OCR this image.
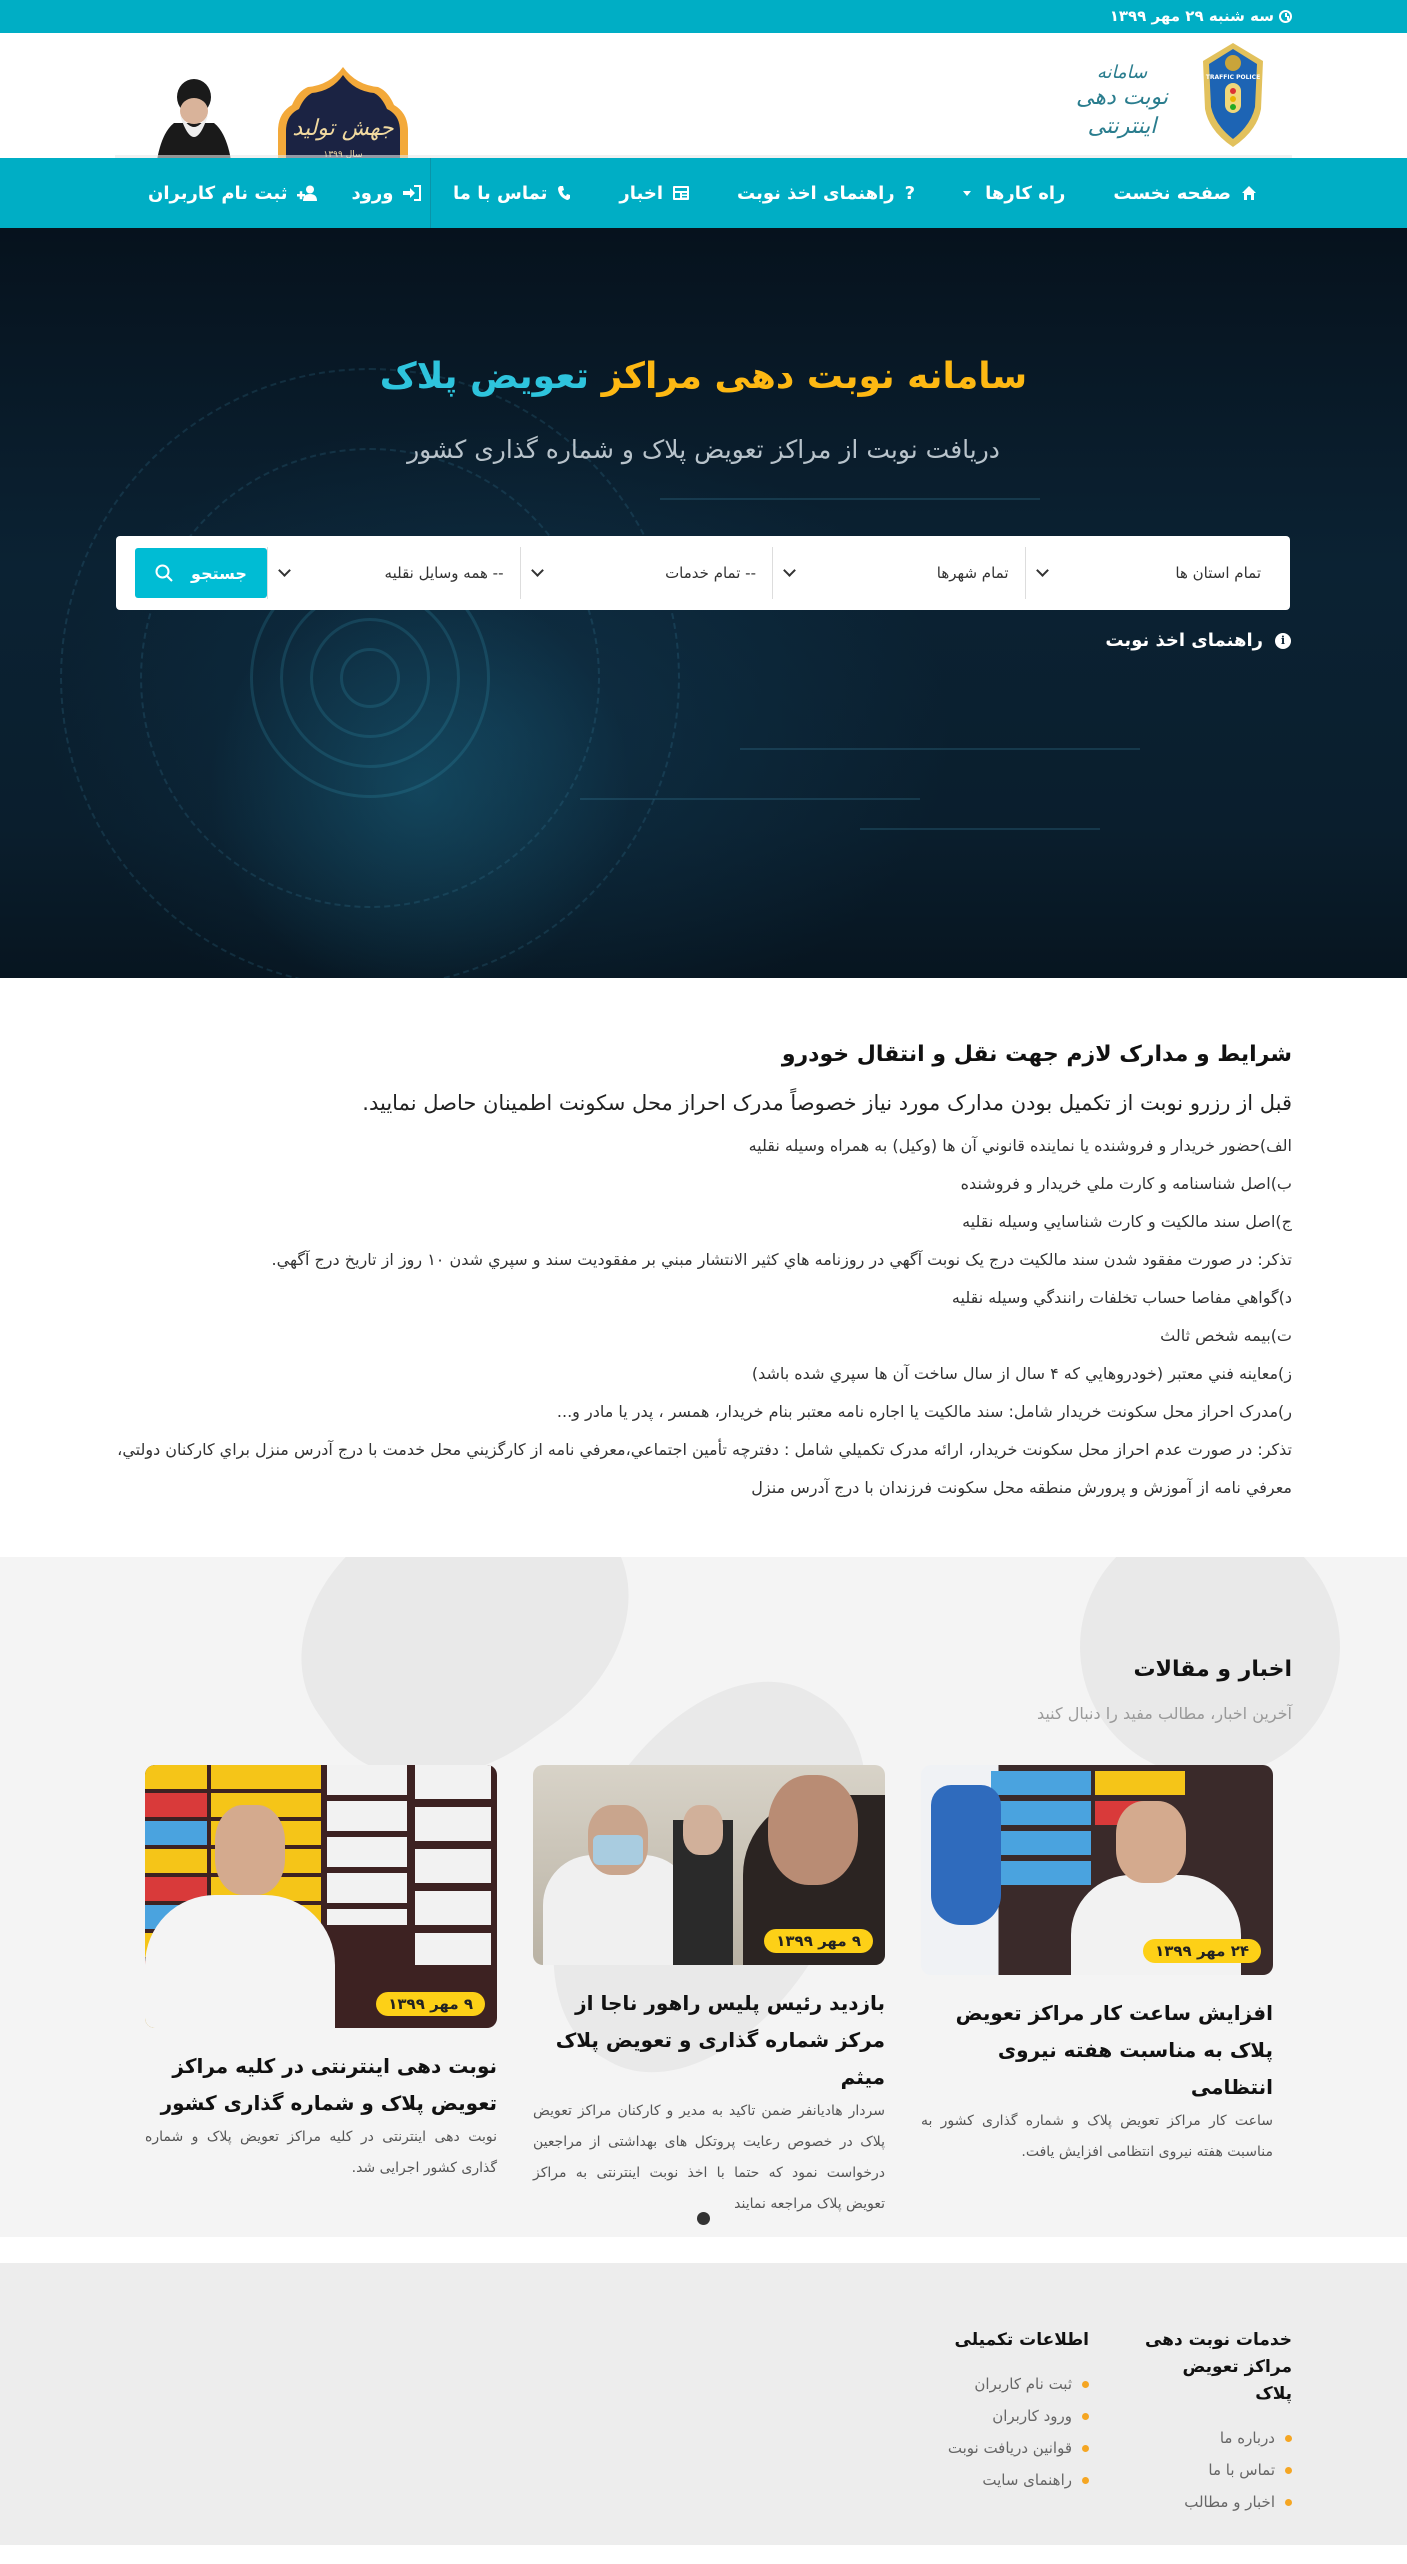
سه شنبه ۲۹ مهر ۱۳۹۹
TRAFFIC POLICE
سامانه
نوبت دهی اینترنتی
جهش تولید
صفحه نخست
راه کارها
?
راهنمای اخذ نوبت
اخبار
تماس با ما
ورود
ثبت نام کاربران
سامانه نوبت دهی مراکز تعویض پلاک
دریافت نوبت از مراکز تعویض پلاک و شماره گذاری کشور
تمام استان ها
تمام شهرها
-- تمام خدمات
-- همه وسایل نقلیه
جستجو
i
راهنمای اخذ نوبت
شرایط و مدارک لازم جهت نقل و انتقال خودرو
قبل از رزرو نوبت از تکمیل بودن مدارک مورد نیاز خصوصاً مدرک احراز محل سکونت اطمینان حاصل نمایید.

الف)حضور خريدار و فروشنده يا نماينده قانوني آن ها (وكيل) به همراه وسيله نقليه

ب)اصل شناسنامه و كارت ملي خريدار و فروشنده

ج)اصل سند مالكيت و كارت شناسايي وسيله نقليه

تذکر: در صورت مفقود شدن سند مالکيت درج يک نوبت آگهي در روزنامه هاي کثير الانتشار مبني بر مفقوديت سند و سپري شدن ١٠ روز از تاريخ درج آگهي.

د)گواهي مفاصا حساب تخلفات رانندگي وسيله نقليه

ت)بيمه شخص ثالث

ز)معاينه فني معتبر (خودروهايي كه ۴ سال از سال ساخت آن ها سپري شده باشد)

ر)مدرک احراز محل سکونت خريدار شامل: سند مالکيت يا اجاره نامه معتبر بنام خريدار، همسر ، پدر يا مادر و...

تذکر: در صورت عدم احراز محل سکونت خريدار، ارائه مدرک تکميلي شامل : دفترچه تأمين اجتماعي،معرفي نامه از کارگزيني محل خدمت با درج آدرس منزل براي کارکنان دولتي، معرفي نامه از آموزش و پرورش منطقه محل سکونت فرزندان با درج آدرس منزل

اخبار و مقالات
آخرین اخبار، مطالب مفید را دنبال کنید
۲۴ مهر ۱۳۹۹
افزایش ساعت کار مراکز تعویض پلاک به مناسبت هفته نیروی انتظامی
ساعت کار مراکز تعویض پلاک و شماره گذاری کشور به مناسبت هفته نیروی انتظامی افزایش یافت.
۹ مهر ۱۳۹۹
بازدید رئیس پلیس راهور ناجا از مرکز شماره گذاری و تعویض پلاک میثم
سردار هادیانفر ضمن تاکید به مدیر و کارکنان مراکز تعویض پلاک در خصوص رعایت پروتکل های بهداشتی از مراجعین درخواست نمود که حتما با اخذ نوبت اینترنتی به مراکز تعویض پلاک مراجعه نمایند
۹ مهر ۱۳۹۹
نوبت دهی اینترنتی در کلیه مراکز تعویض پلاک و شماره گذاری کشور
نوبت دهی اینترنتی در کلیه مراکز تعویض پلاک و شماره گذاری کشور اجرایی شد.
خدمات نوبت دهی مراکز تعویض پلاک
درباره ما
تماس با ما
اخبار و مطالب
اطلاعات تکمیلی
ثبت نام کاربران
ورود کاربران
قوانین دریافت نوبت
راهنمای سایت
